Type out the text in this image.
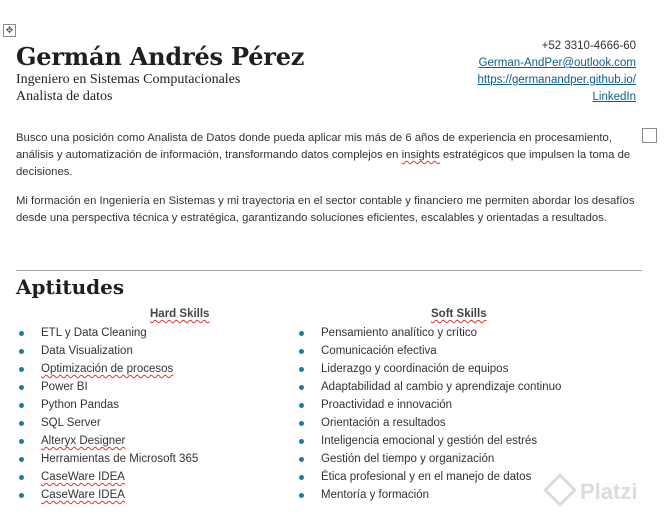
✥
Germán Andrés Pérez
Ingeniero en Sistemas Computacionales
Analista de datos
+52 3310-4666-60
German-AndPer@outlook.com
https://germanandper.github.io/
LinkedIn
Busco una posición como Analista de Datos donde pueda aplicar mis más de 6 años de experiencia en procesamiento, análisis y automatización de información, transformando datos complejos en insights estratégicos que impulsen la toma de decisiones.
Mi formación en Ingeniería en Sistemas y mi trayectoria en el sector contable y financiero me permiten abordar los desafíos desde una perspectiva técnica y estratégica, garantizando soluciones eficientes, escalables y orientadas a resultados.
Aptitudes
Hard Skills	Soft Skills
ETL y Data Cleaning
Data Visualization
Optimización de procesos
Power BI
Python Pandas
SQL Server
Alteryx Designer
Herramientas de Microsoft 365
CaseWare IDEA
CaseWare IDEA
Pensamiento analítico y crítico
Comunicación efectiva
Liderazgo y coordinación de equipos
Adaptabilidad al cambio y aprendizaje continuo
Proactividad e innovación
Orientación a resultados
Inteligencia emocional y gestión del estrés
Gestión del tiempo y organización
Ética profesional y en el manejo de datos
Mentoría y formación	Platzi
